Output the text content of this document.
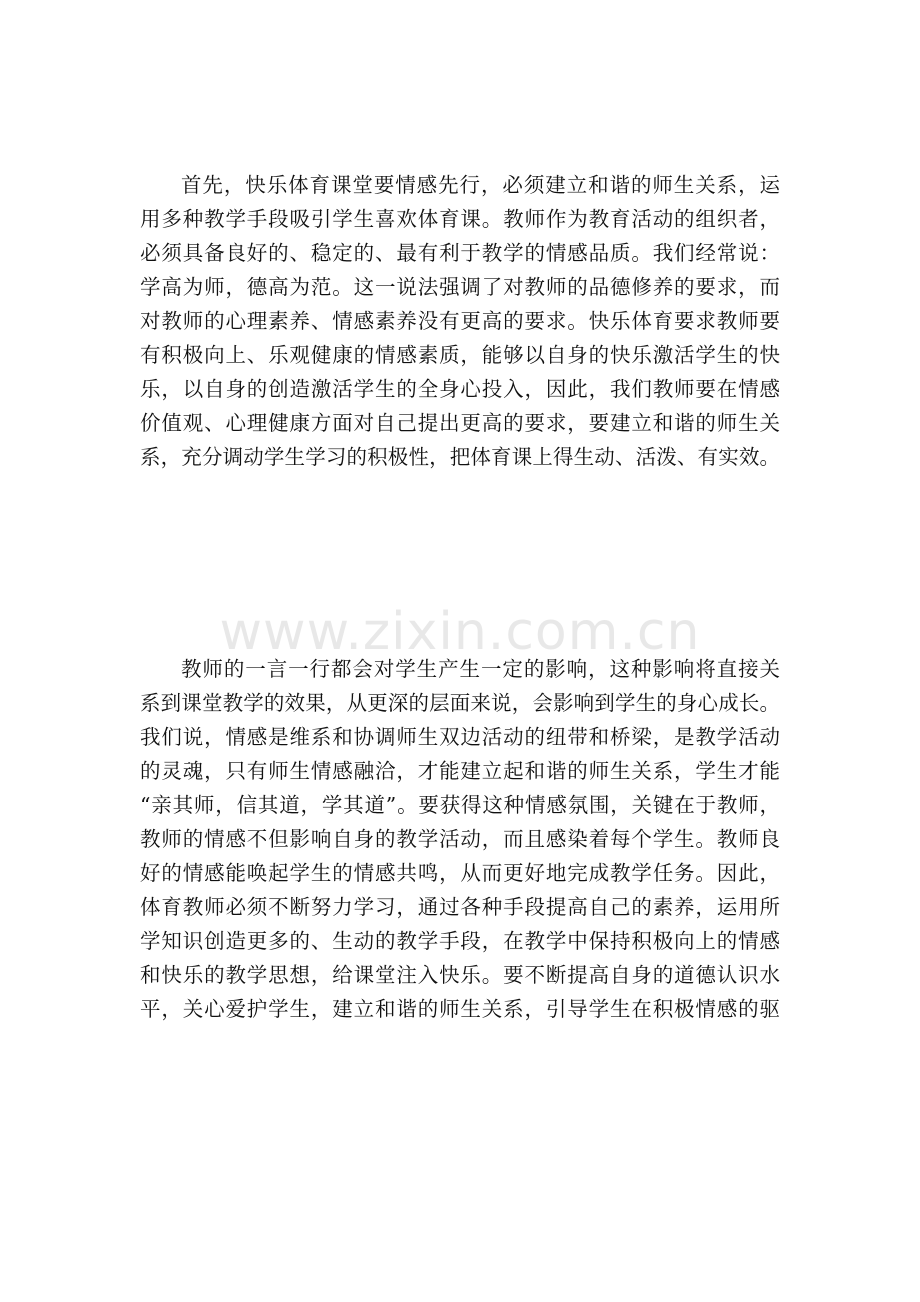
首先，快乐体育课堂要情感先行，必须建立和谐的师生关系，运
用多种教学手段吸引学生喜欢体育课。教师作为教育活动的组织者，
必须具备良好的、稳定的、最有利于教学的情感品质。我们经常说：
学高为师，德高为范。这一说法强调了对教师的品德修养的要求，而
对教师的心理素养、情感素养没有更高的要求。快乐体育要求教师要
有积极向上、乐观健康的情感素质，能够以自身的快乐激活学生的快
乐，以自身的创造激活学生的全身心投入，因此，我们教师要在情感
价值观、心理健康方面对自己提出更高的要求，要建立和谐的师生关
系，充分调动学生学习的积极性，把体育课上得生动、活泼、有实效。
www.zixin.com.cn
教师的一言一行都会对学生产生一定的影响，这种影响将直接关
系到课堂教学的效果，从更深的层面来说，会影响到学生的身心成长。
我们说，情感是维系和协调师生双边活动的纽带和桥梁，是教学活动
的灵魂，只有师生情感融洽，才能建立起和谐的师生关系，学生才能
“亲其师，信其道，学其道”。要获得这种情感氛围，关键在于教师，
教师的情感不但影响自身的教学活动，而且感染着每个学生。教师良
好的情感能唤起学生的情感共鸣，从而更好地完成教学任务。因此，
体育教师必须不断努力学习，通过各种手段提高自己的素养，运用所
学知识创造更多的、生动的教学手段，在教学中保持积极向上的情感
和快乐的教学思想，给课堂注入快乐。要不断提高自身的道德认识水
平，关心爱护学生，建立和谐的师生关系，引导学生在积极情感的驱
